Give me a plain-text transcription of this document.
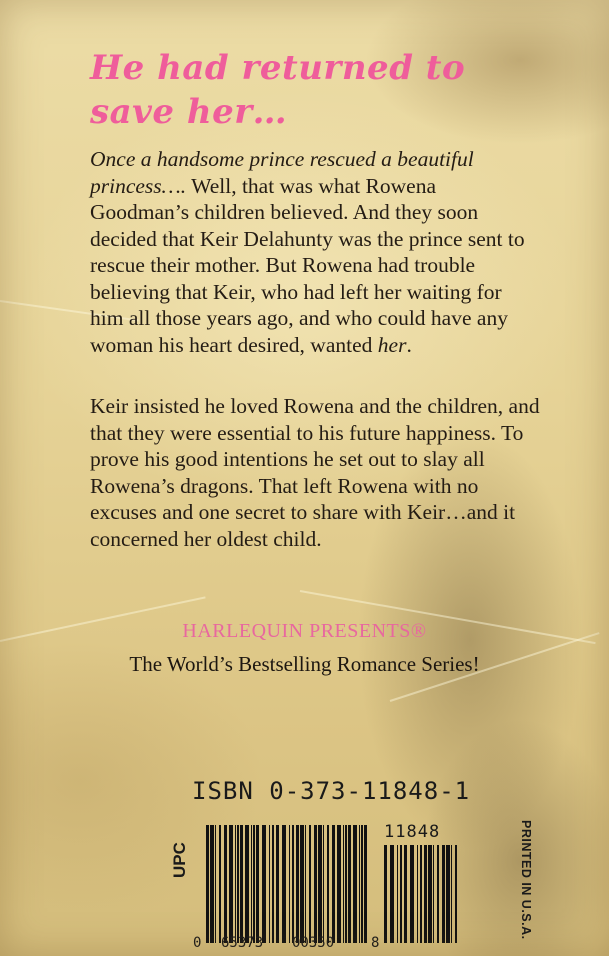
He had returned to
save her…

Once a handsome prince rescued a beautiful princess…. Well, that was what Rowena Goodman’s children believed. And they soon decided that Keir Delahunty was the prince sent to rescue their mother. But Rowena had trouble believing that Keir, who had left her waiting for him all those years ago, and who could have any woman his heart desired, wanted her.

Keir insisted he loved Rowena and the children, and that they were essential to his future happiness. To prove his good intentions he set out to slay all Rowena’s dragons. That left Rowena with no excuses and one secret to share with Keir…and it concerned her oldest child.

HARLEQUIN PRESENTS®

The World’s Bestselling Romance Series!

ISBN 0-373-11848-1

UPC

11848

0 65373 00350	8

PRINTED IN U.S.A.
